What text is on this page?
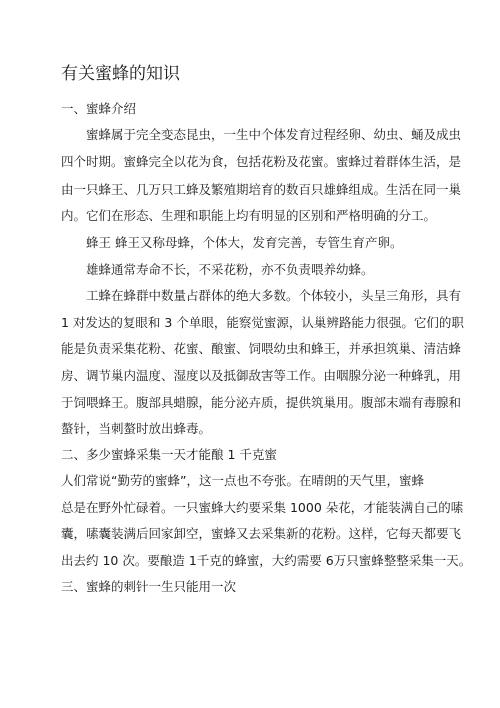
有关蜜蜂的知识

一、蜜蜂介绍

蜜蜂属于完全变态昆虫，一生中个体发育过程经卵、幼虫、蛹及成虫

四个时期。蜜蜂完全以花为食，包括花粉及花蜜。蜜蜂过着群体生活，是

由一只蜂王、几万只工蜂及繁殖期培育的数百只雄蜂组成。生活在同一巢

内。它们在形态、生理和职能上均有明显的区别和严格明确的分工。

蜂王 蜂王又称母蜂，个体大，发育完善，专管生育产卵。

雄蜂通常寿命不长，不采花粉，亦不负责喂养幼蜂。

工蜂在蜂群中数量占群体的绝大多数。个体较小，头呈三角形，具有

1 对发达的复眼和 3 个单眼，能察觉蜜源，认巢辨路能力很强。它们的职

能是负责采集花粉、花蜜、酿蜜、饲喂幼虫和蜂王，并承担筑巢、清洁蜂

房、调节巢内温度、湿度以及抵御敌害等工作。由咽腺分泌一种蜂乳，用

于饲喂蜂王。腹部具蜡腺，能分泌卉质，提供筑巢用。腹部末端有毒腺和

螯针，当刺螯时放出蜂毒。

二、多少蜜蜂采集一天才能酿 1 千克蜜

人们常说“勤劳的蜜蜂”，这一点也不夸张。在晴朗的天气里，蜜蜂

总是在野外忙碌着。一只蜜蜂大约要采集 1000 朵花，才能装满自己的嗉

囊，嗉囊装满后回家卸空，蜜蜂又去采集新的花粉。这样，它每天都要飞

出去约 10 次。要酿造 1千克的蜂蜜，大约需要 6万只蜜蜂整整采集一天。

三、蜜蜂的刺针一生只能用一次
